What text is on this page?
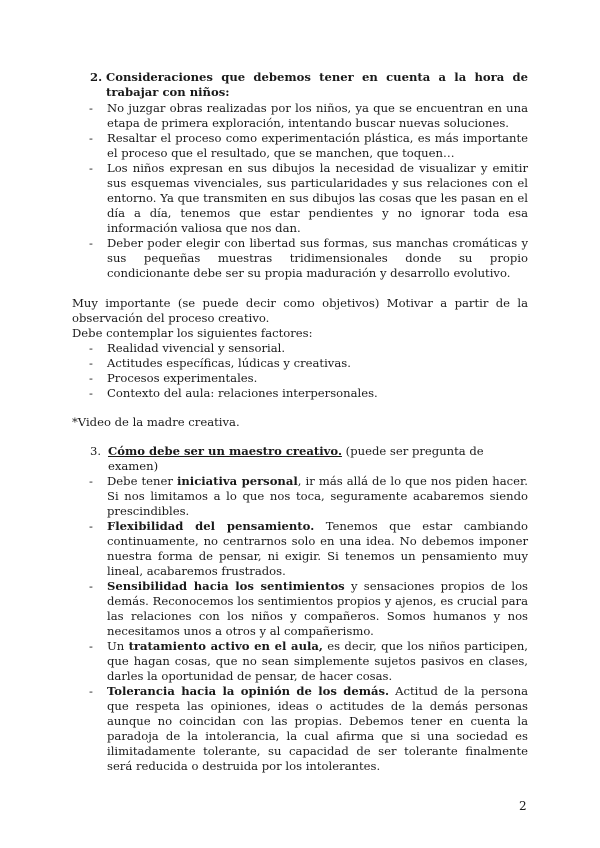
2. Consideraciones que debemos tener en cuenta a la hora de trabajar con niños:
- No juzgar obras realizadas por los niños, ya que se encuentran en una etapa de primera exploración, intentando buscar nuevas soluciones.
- Resaltar el proceso como experimentación plástica, es más importante el proceso que el resultado, que se manchen, que toquen…
- Los niños expresan en sus dibujos la necesidad de visualizar y emitir sus esquemas vivenciales, sus particularidades y sus relaciones con el entorno. Ya que transmiten en sus dibujos las cosas que les pasan en el día a día, tenemos que estar pendientes y no ignorar toda esa información valiosa que nos dan.
- Deber poder elegir con libertad sus formas, sus manchas cromáticas y sus pequeñas muestras tridimensionales donde su propio condicionante debe ser su propia maduración y desarrollo evolutivo.
Muy importante (se puede decir como objetivos) Motivar a partir de la observación del proceso creativo.
Debe contemplar los siguientes factores:
- Realidad vivencial y sensorial.
- Actitudes específicas, lúdicas y creativas.
- Procesos experimentales.
- Contexto del aula: relaciones interpersonales.
*Video de la madre creativa.
3. Cómo debe ser un maestro creativo. (puede ser pregunta de examen)
- Debe tener iniciativa personal, ir más allá de lo que nos piden hacer. Si nos limitamos a lo que nos toca, seguramente acabaremos siendo prescindibles.
- Flexibilidad del pensamiento. Tenemos que estar cambiando continuamente, no centrarnos solo en una idea. No debemos imponer nuestra forma de pensar, ni exigir. Si tenemos un pensamiento muy lineal, acabaremos frustrados.
- Sensibilidad hacia los sentimientos y sensaciones propios de los demás. Reconocemos los sentimientos propios y ajenos, es crucial para las relaciones con los niños y compañeros. Somos humanos y nos necesitamos unos a otros y al compañerismo.
- Un tratamiento activo en el aula, es decir, que los niños participen, que hagan cosas, que no sean simplemente sujetos pasivos en clases, darles la oportunidad de pensar, de hacer cosas.
- Tolerancia hacia la opinión de los demás. Actitud de la persona que respeta las opiniones, ideas o actitudes de la demás personas aunque no coincidan con las propias. Debemos tener en cuenta la paradoja de la intolerancia, la cual afirma que si una sociedad es ilimitadamente tolerante, su capacidad de ser tolerante finalmente será reducida o destruida por los intolerantes.
2
